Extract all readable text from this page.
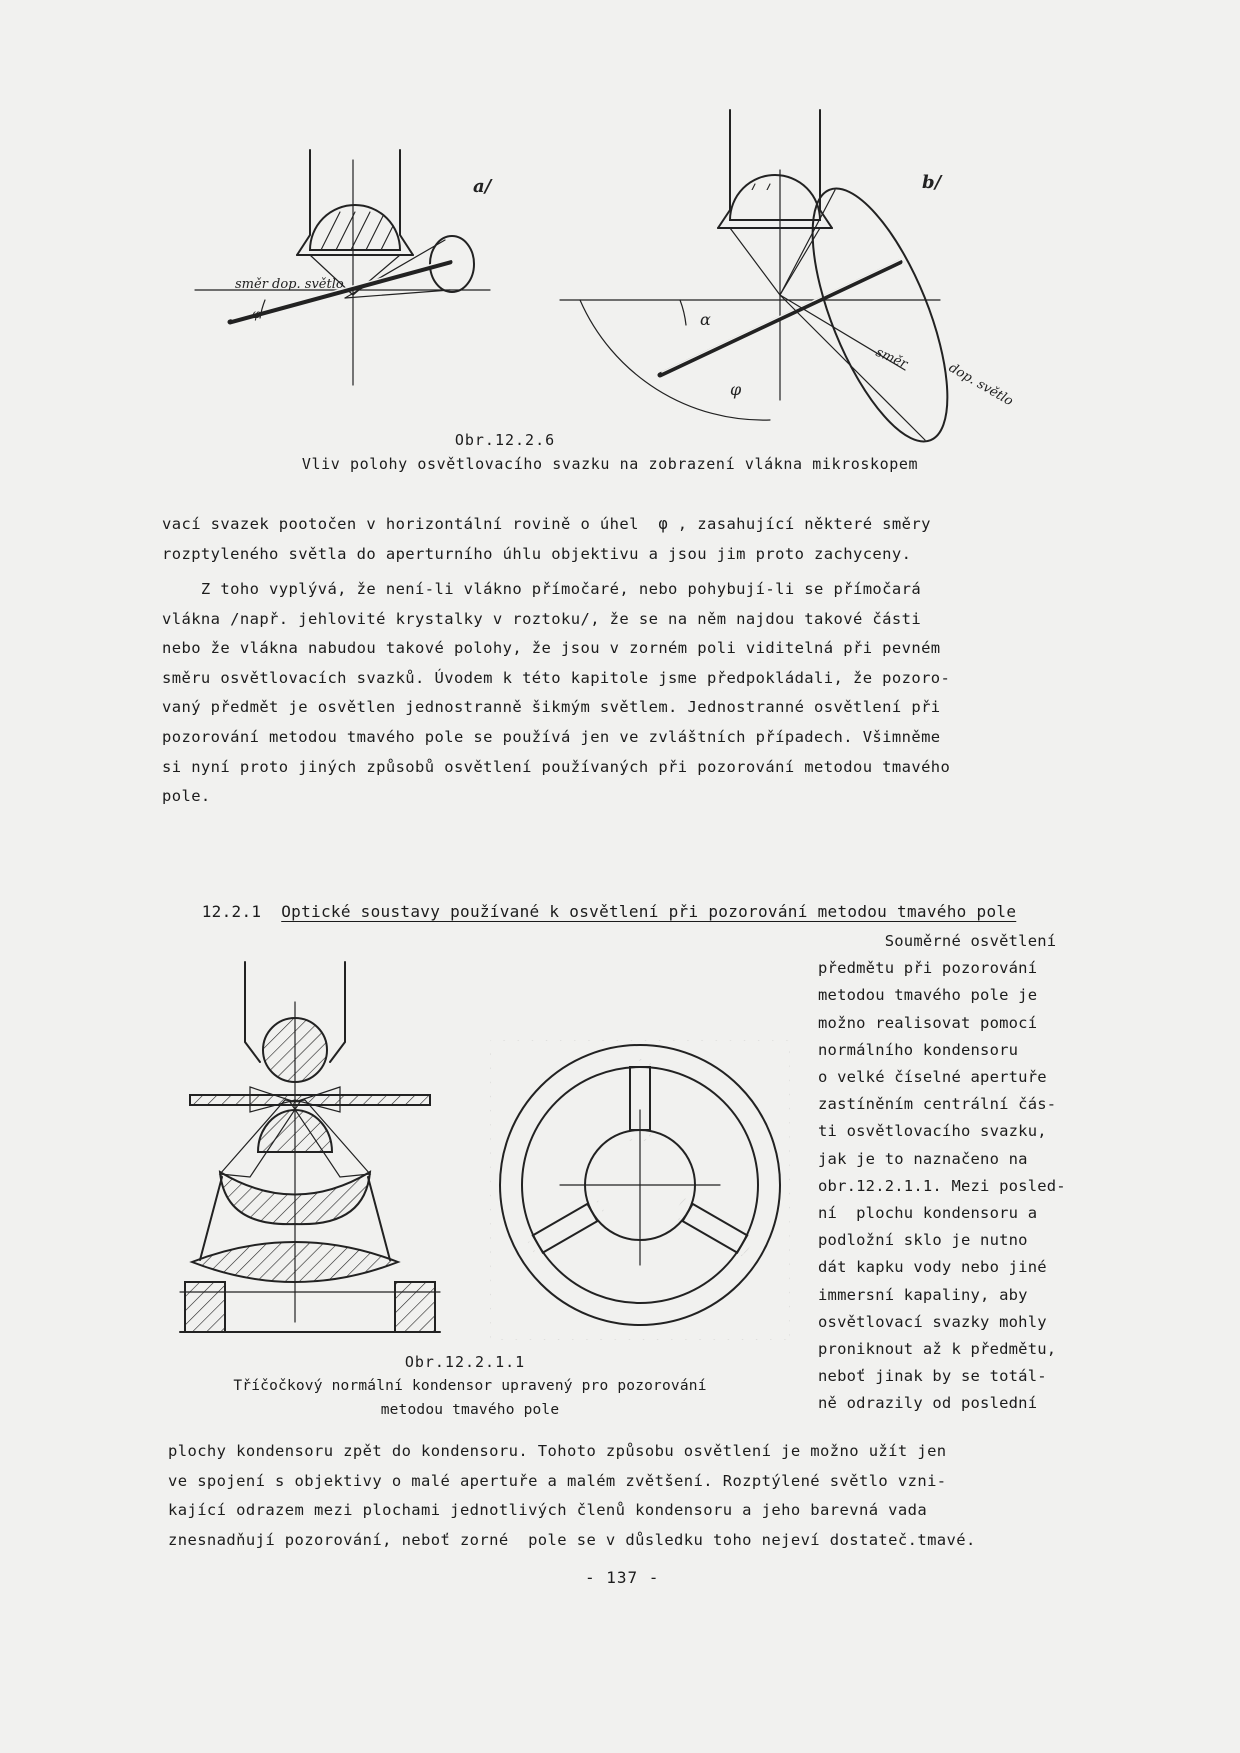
směr dop. světlo
φ
a/
α
φ
směr
dop. světlo
b/
Obr.12.2.6
Vliv polohy osvětlovacího svazku na zobrazení vlákna mikroskopem
vací svazek pootočen v horizontální rovině o úhel  φ , zasahující některé směry
rozptyleného světla do aperturního úhlu objektivu a jsou jim proto zachyceny.
Z toho vyplývá, že není-li vlákno přímočaré, nebo pohybují-li se přímočará
vlákna /např. jehlovité krystalky v roztoku/, že se na něm najdou takové části
nebo že vlákna nabudou takové polohy, že jsou v zorném poli viditelná při pevném
směru osvětlovacích svazků. Úvodem k této kapitole jsme předpokládali, že pozoro-
vaný předmět je osvětlen jednostranně šikmým světlem. Jednostranné osvětlení při
pozorování metodou tmavého pole se používá jen ve zvláštních případech. Všimněme
si nyní proto jiných způsobů osvětlení používaných při pozorování metodou tmavého
pole.

12.2.1 Optické soustavy používané k osvětlení při pozorování metodou tmavého pole

Obr.12.2.1.1
Tříčočkový normální kondensor upravený pro pozorování
metodou tmavého pole
Souměrné osvětlení
předmětu při pozorování
metodou tmavého pole je
možno realisovat pomocí
normálního kondensoru
o velké číselné apertuře
zastíněním centrální čás-
ti osvětlovacího svazku,
jak je to naznačeno na
obr.12.2.1.1. Mezi posled-
ní  plochu kondensoru a
podložní sklo je nutno
dát kapku vody nebo jiné
immersní kapaliny, aby
osvětlovací svazky mohly
proniknout až k předmětu,
neboť jinak by se totál-
ně odrazily od poslední
plochy kondensoru zpět do kondensoru. Tohoto způsobu osvětlení je možno užít jen
ve spojení s objektivy o malé apertuře a malém zvětšení. Rozptýlené světlo vzni-
kající odrazem mezi plochami jednotlivých členů kondensoru a jeho barevná vada
znesnadňují pozorování, neboť zorné  pole se v důsledku toho nejeví dostateč.tmavé.
- 137 -
